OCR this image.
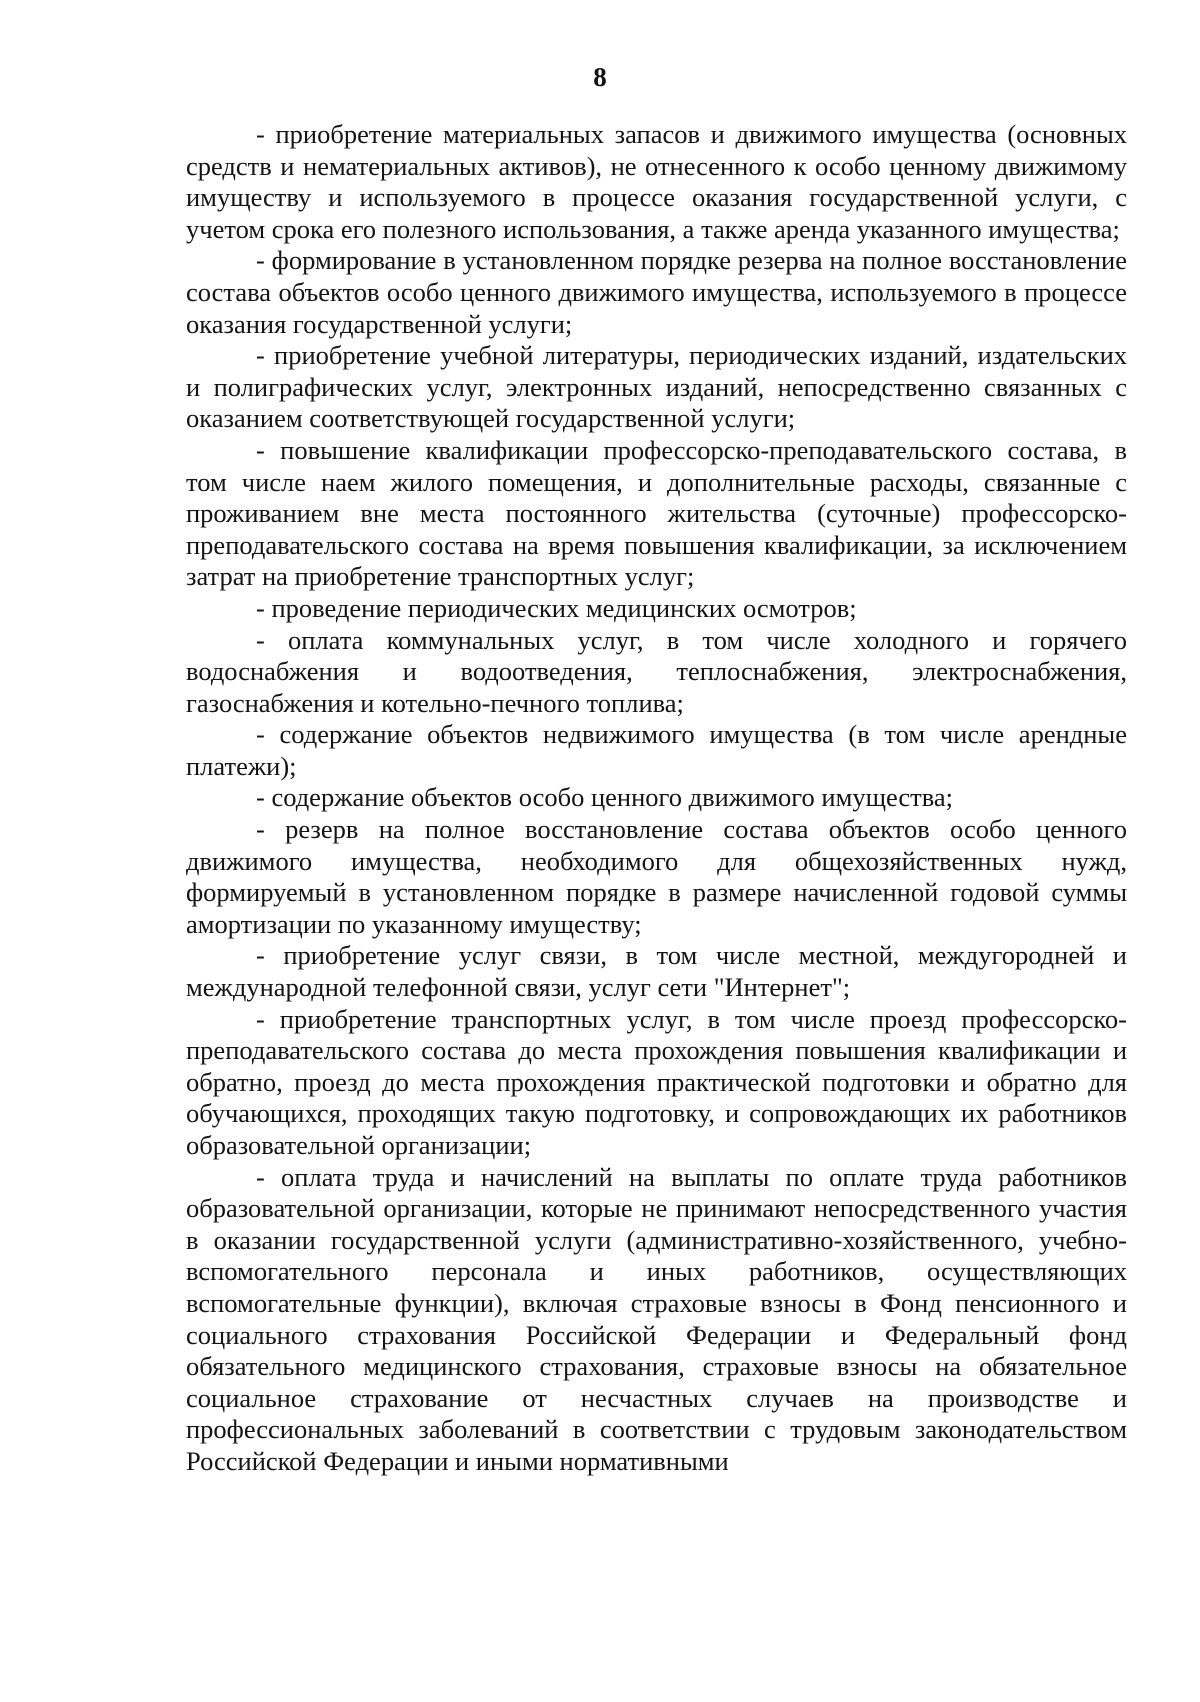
8

- приобретение материальных запасов и движимого имущества (основных средств и нематериальных активов), не отнесенного к особо ценному движимому имуществу и используемого в процессе оказания государственной услуги, с учетом срока его полезного использования, а также аренда указанного имущества;

- формирование в установленном порядке резерва на полное восстановление состава объектов особо ценного движимого имущества, используемого в процессе оказания государственной услуги;

- приобретение учебной литературы, периодических изданий, издательских и полиграфических услуг, электронных изданий, непосредственно связанных с оказанием соответствующей государственной услуги;

- повышение квалификации профессорско-преподавательского состава, в том числе наем жилого помещения, и дополнительные расходы, связанные с проживанием вне места постоянного жительства (суточные) профессорско-преподавательского состава на время повышения квалификации, за исключением затрат на приобретение транспортных услуг;

- проведение периодических медицинских осмотров;

- оплата коммунальных услуг, в том числе холодного и горячего водоснабжения и водоотведения, теплоснабжения, электроснабжения, газоснабжения и котельно-печного топлива;

- содержание объектов недвижимого имущества (в том числе арендные платежи);

- содержание объектов особо ценного движимого имущества;

- резерв на полное восстановление состава объектов особо ценного движимого имущества, необходимого для общехозяйственных нужд, формируемый в установленном порядке в размере начисленной годовой суммы амортизации по указанному имуществу;

- приобретение услуг связи, в том числе местной, междугородней и международной телефонной связи, услуг сети "Интернет";

- приобретение транспортных услуг, в том числе проезд профессорско-преподавательского состава до места прохождения повышения квалификации и обратно, проезд до места прохождения практической подготовки и обратно для обучающихся, проходящих такую подготовку, и сопровождающих их работников образовательной организации;

- оплата труда и начислений на выплаты по оплате труда работников образовательной организации, которые не принимают непосредственного участия в оказании государственной услуги (административно-хозяйственного, учебно-вспомогательного персонала и иных работников, осуществляющих вспомогательные функции), включая страховые взносы в Фонд пенсионного и социального страхования Российской Федерации и Федеральный фонд обязательного медицинского страхования, страховые взносы на обязательное социальное страхование от несчастных случаев на производстве и профессиональных заболеваний в соответствии с трудовым законодательством Российской Федерации и иными нормативными
